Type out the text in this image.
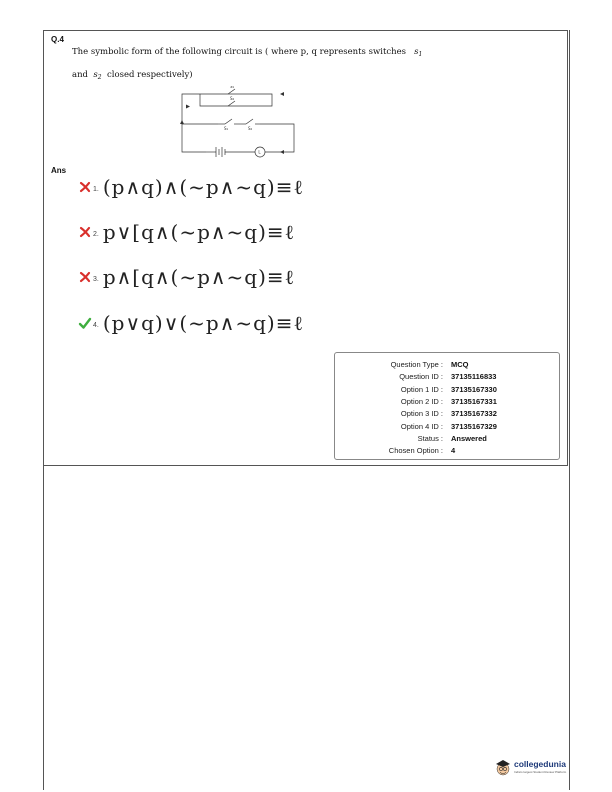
Q.4
The symbolic form of the following circuit is ( where p, q represents switches $s_1$
and $s_2$ closed respectively)
S₁
S₂
S₁	S₂
L
Ans
1. (p∧q)∧(~p∧~q)≡ℓ
2. p∨[q∧(~p∧~q)≡ℓ
3. p∧[q∧(~p∧~q)≡ℓ
4. (p∨q)∨(~p∧~q)≡ℓ
Question Type : MCQ
Question ID : 37135116833
Option 1 ID : 37135167330
Option 2 ID : 37135167331
Option 3 ID : 37135167332
Option 4 ID : 37135167329
Status : Answered
Chosen Option : 4
collegedunia
India's largest Student Review Platform
